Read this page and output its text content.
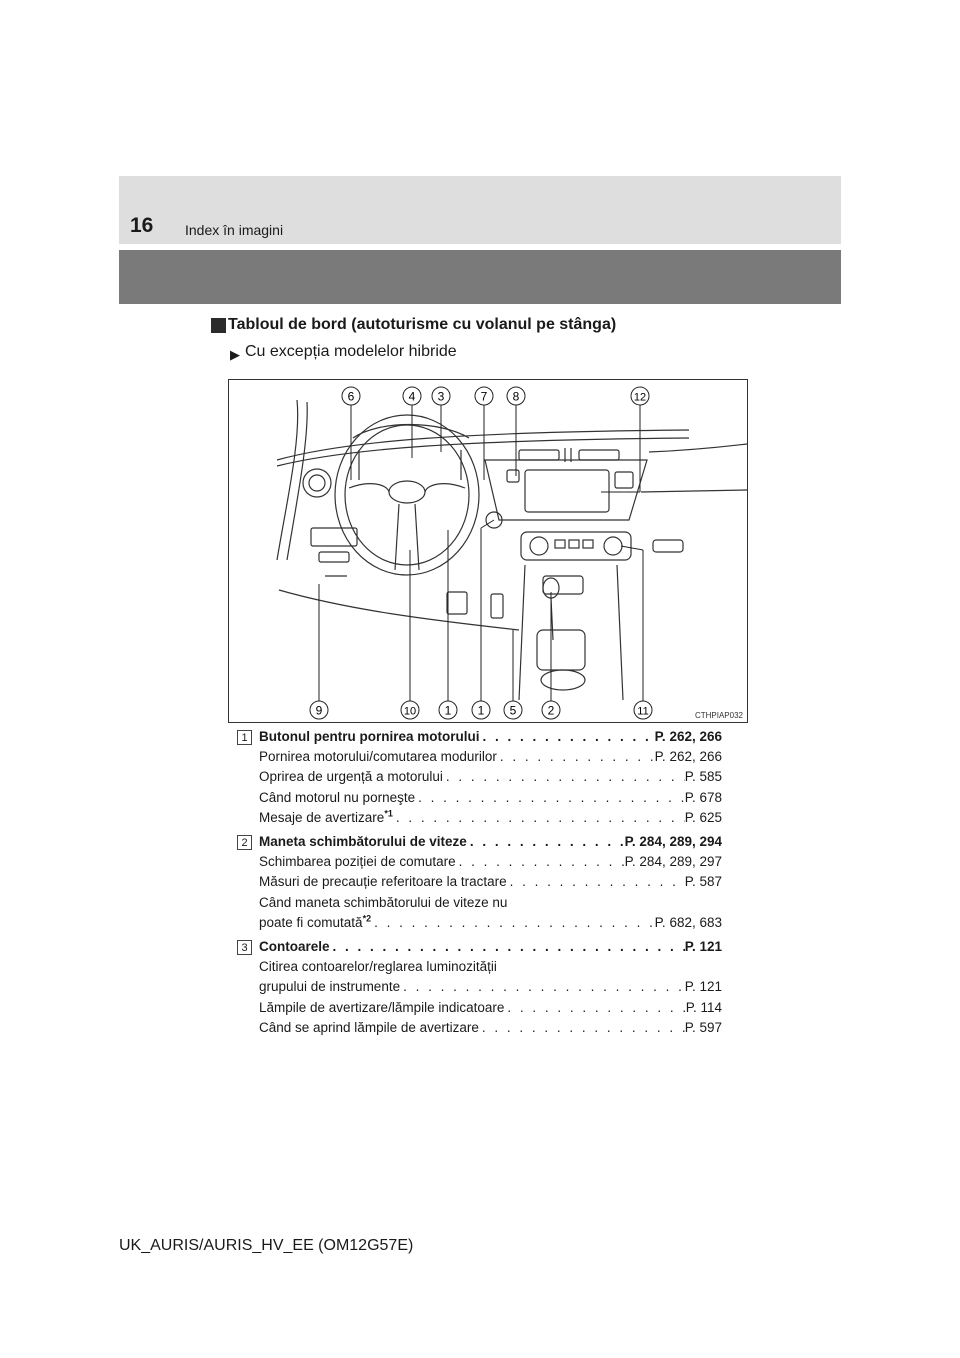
16 Index în imagini
Tabloul de bord (autoturisme cu volanul pe stânga)
▶ Cu excepția modelelor hibride
6	4 3	7 8	12
9	10 1 1 5	2	11	CTHPIAP032
1 Butonul pentru pornirea motorului . . .	P. 262, 266
Pornirea motorului/comutarea modurilor . . .	P. 262, 266
Oprirea de urgență a motorului . . .	P. 585
Când motorul nu porneşte . . .	P. 678
Mesaje de avertizare$^{*1}$ . . .	P. 625
2 Maneta schimbătorului de viteze . . .	P. 284, 289, 294
Schimbarea poziției de comutare . . .	P. 284, 289, 297
Măsuri de precauție referitoare la tractare . . .	P. 587
Când maneta schimbătorului de viteze nu
poate fi comutată$^{*2}$ . . .	P. 682, 683
3 Contoarele . . .	P. 121
Citirea contoarelor/reglarea luminozității
grupului de instrumente . . .	P. 121
Lămpile de avertizare/lămpile indicatoare . . .	P. 114
Când se aprind lămpile de avertizare . . .	P. 597
UK_AURIS/AURIS_HV_EE (OM12G57E)
